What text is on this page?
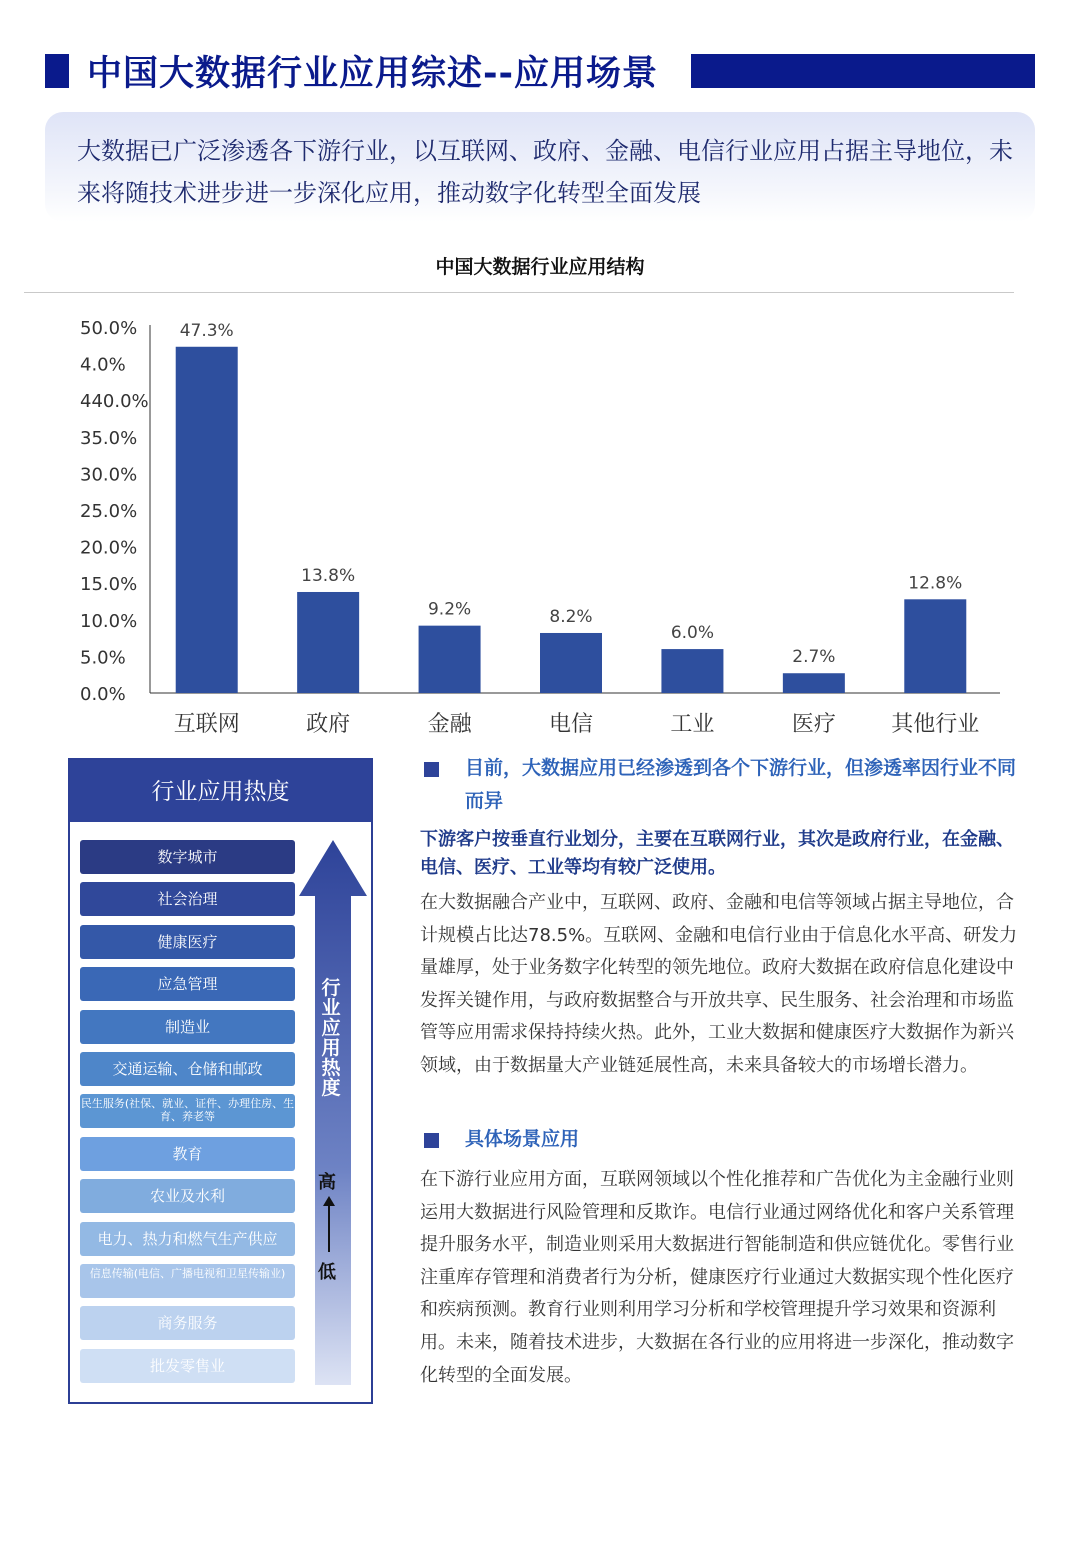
中国大数据行业应用综述--应用场景
大数据已广泛渗透各下游行业，以互联网、政府、金融、电信行业应用占据主导地位，未来将随技术进步进一步深化应用，推动数字化转型全面发展
中国大数据行业应用结构
0.0%
5.0%
10.0%
15.0%
20.0%
25.0%
30.0%
35.0%
440.0%
4.0%
50.0%	47.3%
互联网
13.8%
政府
9.2%
金融
8.2%
电信
6.0%
工业
2.7%
医疗
12.8%
其他行业
行业应用热度
数字城市
社会治理
健康医疗
应急管理
制造业
交通运输、仓储和邮政
民生服务(社保、就业、证件、办理住房、生育、养老等
教育
农业及水利
电力、热力和燃气生产供应
信息传输(电信、广播电视和卫星传输业)
商务服务
批发零售业
行业应用热度
高
低
目前，大数据应用已经渗透到各个下游行业，但渗透率因行业不同而异
下游客户按垂直行业划分，主要在互联网行业，其次是政府行业，在金融、电信、医疗、工业等均有较广泛使用。
在大数据融合产业中，互联网、政府、金融和电信等领域占据主导地位，合计规模占比达78.5%。互联网、金融和电信行业由于信息化水平高、研发力量雄厚，处于业务数字化转型的领先地位。政府大数据在政府信息化建设中发挥关键作用，与政府数据整合与开放共享、民生服务、社会治理和市场监管等应用需求保持持续火热。此外，工业大数据和健康医疗大数据作为新兴领域，由于数据量大产业链延展性高，未来具备较大的市场增长潜力。
具体场景应用
在下游行业应用方面，互联网领域以个性化推荐和广告优化为主金融行业则运用大数据进行风险管理和反欺诈。电信行业通过网络优化和客户关系管理提升服务水平，制造业则采用大数据进行智能制造和供应链优化。零售行业注重库存管理和消费者行为分析，健康医疗行业通过大数据实现个性化医疗和疾病预测。教育行业则利用学习分析和学校管理提升学习效果和资源利用。未来，随着技术进步，大数据在各行业的应用将进一步深化，推动数字化转型的全面发展。
